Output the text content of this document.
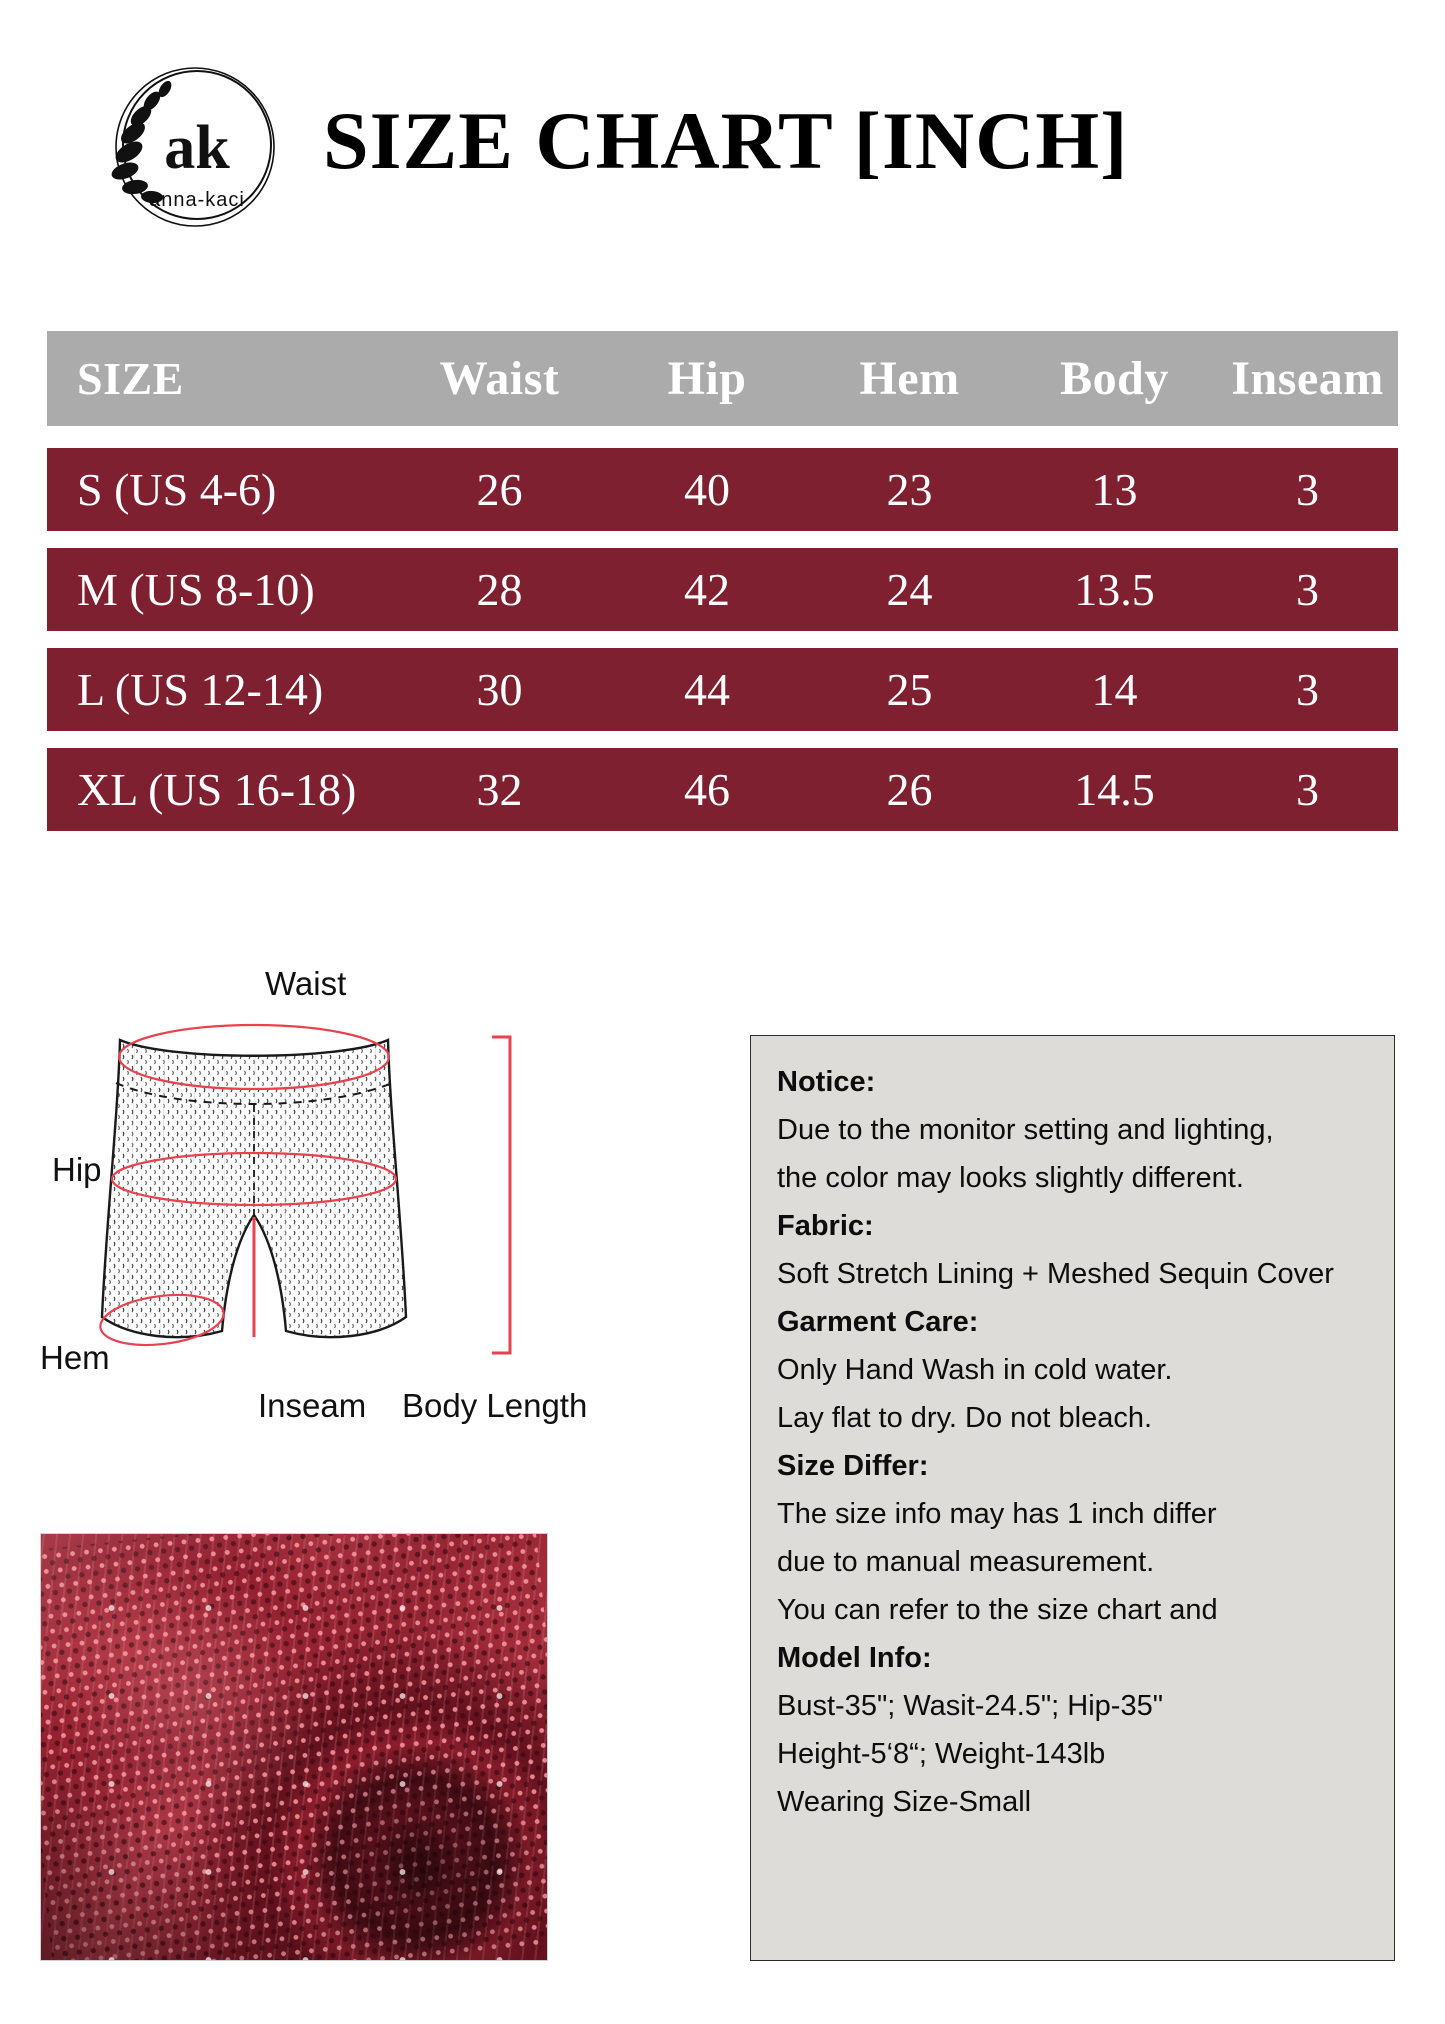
ak
anna-kaci
SIZE CHART [INCH]
SIZE	Waist	Hip	Hem	Body	Inseam
S (US 4-6)	26	40	23	13	3
M (US 8-10)	28	42	24	13.5	3
L (US 12-14)	30	44	25	14	3
XL (US 16-18)	32	46	26	14.5	3
Waist
Hip
Hem
Inseam Body Length
Notice:
Due to the monitor setting and lighting,
the color may looks slightly different.
Fabric:
Soft Stretch Lining + Meshed Sequin Cover
Garment Care:
Only Hand Wash in cold water.
Lay flat to dry. Do not bleach.
Size Differ:
The size info may has 1 inch differ
due to manual measurement.
You can refer to the size chart and
Model Info:
Bust-35"; Wasit-24.5"; Hip-35"
Height-5‘8“; Weight-143lb
Wearing Size-Small
